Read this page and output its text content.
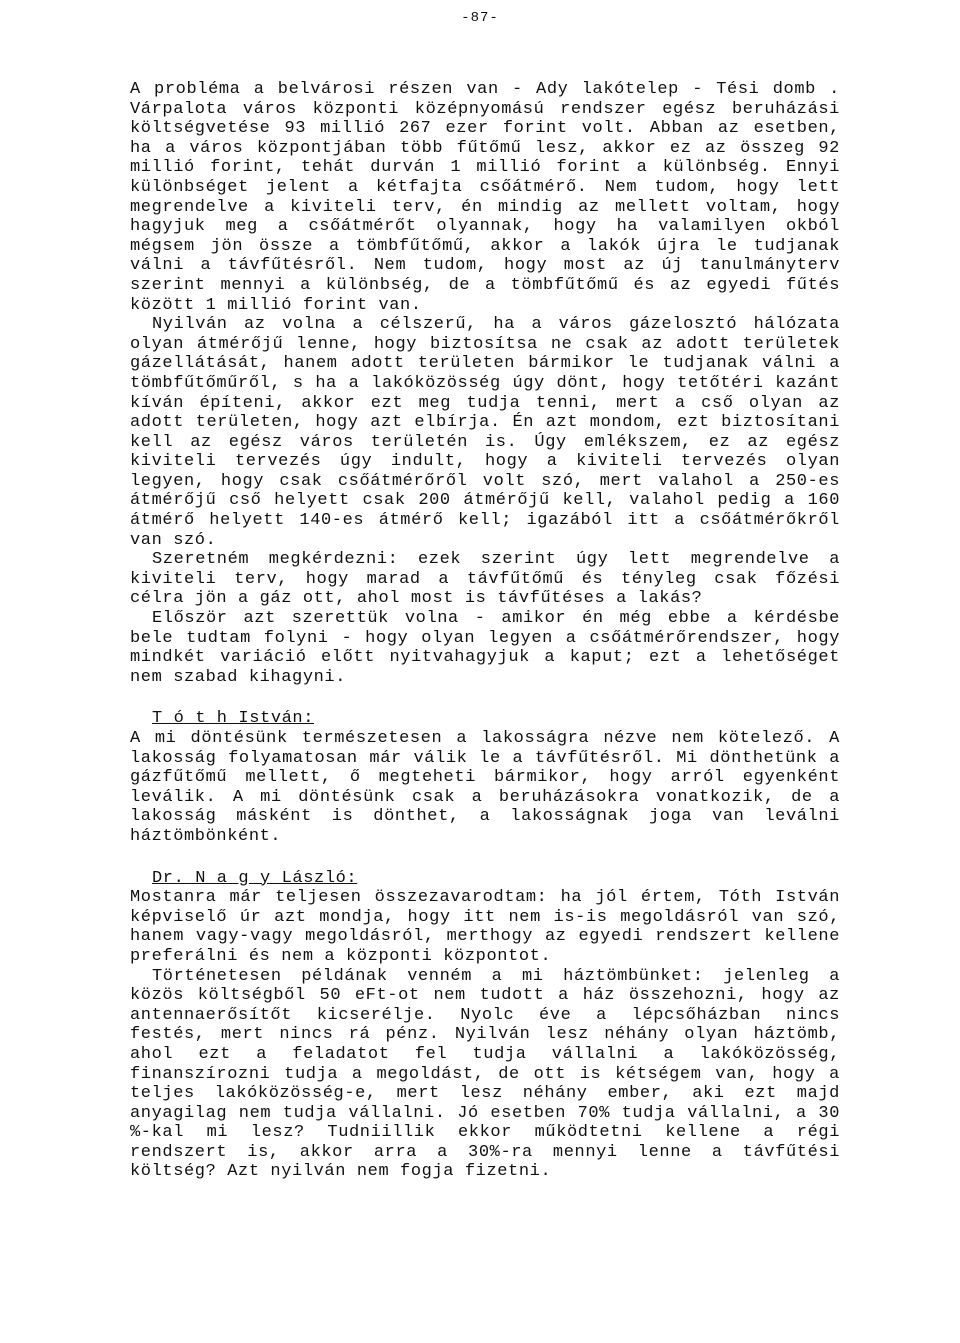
-87-

A probléma a belvárosi részen van - Ady lakótelep - Tési domb . Várpalota város központi középnyomású rendszer egész beruházási költségvetése 93 millió 267 ezer forint volt. Abban az esetben, ha a város központjában több fűtőmű lesz, akkor ez az összeg 92 millió forint, tehát durván 1 millió forint a különbség. Ennyi különbséget jelent a kétfajta csőátmérő. Nem tudom, hogy lett megrendelve a kiviteli terv, én mindig az mellett voltam, hogy hagyjuk meg a csőátmérőt olyannak, hogy ha valamilyen okból mégsem jön össze a tömbfűtőmű, akkor a lakók újra le tudjanak válni a távfűtésről. Nem tudom, hogy most az új tanulmányterv szerint mennyi a különbség, de a tömbfűtőmű és az egyedi fűtés között 1 millió forint van.

Nyilván az volna a célszerű, ha a város gázelosztó hálózata olyan átmérőjű lenne, hogy biztosítsa ne csak az adott területek gázellátását, hanem adott területen bármikor le tudjanak válni a tömbfűtőműről, s ha a lakóközösség úgy dönt, hogy tetőtéri kazánt kíván építeni, akkor ezt meg tudja tenni, mert a cső olyan az adott területen, hogy azt elbírja. Én azt mondom, ezt biztosítani kell az egész város területén is. Úgy emlékszem, ez az egész kiviteli tervezés úgy indult, hogy a kiviteli tervezés olyan legyen, hogy csak csőátmérőről volt szó, mert valahol a 250-es átmérőjű cső helyett csak 200 átmérőjű kell, valahol pedig a 160 átmérő helyett 140-es átmérő kell; igazából itt a csőátmérőkről van szó.

Szeretném megkérdezni: ezek szerint úgy lett megrendelve a kiviteli terv, hogy marad a távfűtőmű és tényleg csak főzési célra jön a gáz ott, ahol most is távfűtéses a lakás?

Először azt szerettük volna - amikor én még ebbe a kérdésbe bele tudtam folyni - hogy olyan legyen a csőátmérőrendszer, hogy mindkét variáció előtt nyitvahagyjuk a kaput; ezt a lehetőséget nem szabad kihagyni.

T ó t h István:

A mi döntésünk természetesen a lakosságra nézve nem kötelező. A lakosság folyamatosan már válik le a távfűtésről. Mi dönthetünk a gázfűtőmű mellett, ő megteheti bármikor, hogy arról egyenként leválik. A mi döntésünk csak a beruházásokra vonatkozik, de a lakosság másként is dönthet, a lakosságnak joga van leválni háztömbönként.

Dr. N a g y László:

Mostanra már teljesen összezavarodtam: ha jól értem, Tóth István képviselő úr azt mondja, hogy itt nem is-is megoldásról van szó, hanem vagy-vagy megoldásról, merthogy az egyedi rendszert kellene preferálni és nem a központi központot.

Történetesen példának venném a mi háztömbünket: jelenleg a közös költségből 50 eFt-ot nem tudott a ház összehozni, hogy az antennaerősítőt kicserélje. Nyolc éve a lépcsőházban nincs festés, mert nincs rá pénz. Nyilván lesz néhány olyan háztömb, ahol ezt a feladatot fel tudja vállalni a lakóközösség, finanszírozni tudja a megoldást, de ott is kétségem van, hogy a teljes lakóközösség-e, mert lesz néhány ember, aki ezt majd anyagilag nem tudja vállalni. Jó esetben 70% tudja vállalni, a 30 %-kal mi lesz? Tudniillik ekkor működtetni kellene a régi rendszert is, akkor arra a 30%-ra mennyi lenne a távfűtési költség? Azt nyilván nem fogja fizetni.
